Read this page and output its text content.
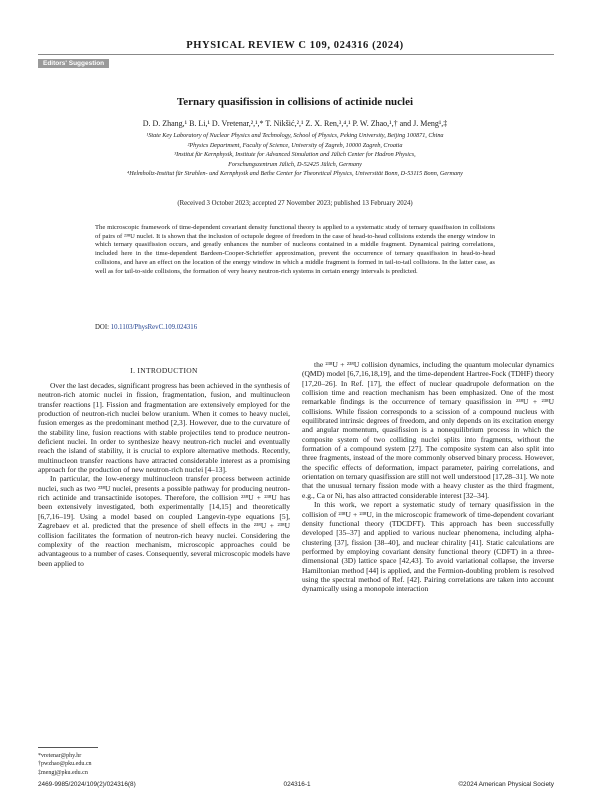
PHYSICAL REVIEW C 109, 024316 (2024)
Editors' Suggestion
Ternary quasifission in collisions of actinide nuclei
D. D. Zhang,¹ B. Li,¹ D. Vretenar,²,¹,* T. Nikšić,²,¹ Z. X. Ren,³,⁴,¹ P. W. Zhao,¹,† and J. Meng¹,‡
¹State Key Laboratory of Nuclear Physics and Technology, School of Physics, Peking University, Beijing 100871, China
²Physics Department, Faculty of Science, University of Zagreb, 10000 Zagreb, Croatia
³Institut für Kernphysik, Institute for Advanced Simulation and Jülich Center for Hadron Physics,
Forschungszentrum Jülich, D-52425 Jülich, Germany
⁴Helmholtz-Institut für Strahlen- und Kernphysik and Bethe Center for Theoretical Physics, Universität Bonn, D-53115 Bonn, Germany
(Received 3 October 2023; accepted 27 November 2023; published 13 February 2024)
The microscopic framework of time-dependent covariant density functional theory is applied to a systematic study of ternary quasifission in collisions of pairs of ²³⁸U nuclei. It is shown that the inclusion of octupole degree of freedom in the case of head-to-head collisions extends the energy window in which ternary quasifission occurs, and greatly enhances the number of nucleons contained in a middle fragment. Dynamical pairing correlations, included here in the time-dependent Bardeen-Cooper-Schrieffer approximation, prevent the occurrence of ternary quasifission in head-to-head collisions, and have an effect on the location of the energy window in which a middle fragment is formed in tail-to-tail collisions. In the latter case, as well as for tail-to-side collisions, the formation of very heavy neutron-rich systems in certain energy intervals is predicted.
DOI: 10.1103/PhysRevC.109.024316
I. INTRODUCTION

Over the last decades, significant progress has been achieved in the synthesis of neutron-rich atomic nuclei in fission, fragmentation, fusion, and multinucleon transfer reactions [1]. Fission and fragmentation are extensively employed for the production of neutron-rich nuclei below uranium. When it comes to heavy nuclei, fusion emerges as the predominant method [2,3]. However, due to the curvature of the stability line, fusion reactions with stable projectiles tend to produce neutron-deficient nuclei. In order to synthesize heavy neutron-rich nuclei and eventually reach the island of stability, it is crucial to explore alternative methods. Recently, multinucleon transfer reactions have attracted considerable interest as a promising approach for the production of new neutron-rich nuclei [4–13].

In particular, the low-energy multinucleon transfer process between actinide nuclei, such as two ²³⁸U nuclei, presents a possible pathway for producing neutron-rich actinide and transactinide isotopes. Therefore, the collision ²³⁸U + ²³⁸U has been extensively investigated, both experimentally [14,15] and theoretically [6,7,16–19]. Using a model based on coupled Langevin-type equations [5], Zagrebaev et al. predicted that the presence of shell effects in the ²³⁸U + ²³⁸U collision facilitates the formation of neutron-rich heavy nuclei. Considering the complexity of the reaction mechanism, microscopic approaches could be advantageous to a number of cases. Consequently, several microscopic models have been applied to

the ²³⁸U + ²³⁸U collision dynamics, including the quantum molecular dynamics (QMD) model [6,7,16,18,19], and the time-dependent Hartree-Fock (TDHF) theory [17,20–26]. In Ref. [17], the effect of nuclear quadrupole deformation on the collision time and reaction mechanism has been emphasized. One of the most remarkable findings is the occurrence of ternary quasifission in ²³⁸U + ²³⁸U collisions. While fission corresponds to a scission of a compound nucleus with equilibrated intrinsic degrees of freedom, and only depends on its excitation energy and angular momentum, quasifission is a nonequilibrium process in which the composite system of two colliding nuclei splits into fragments, without the formation of a compound system [27]. The composite system can also split into three fragments, instead of the more commonly observed binary process. However, the specific effects of deformation, impact parameter, pairing correlations, and orientation on ternary quasifission are still not well understood [17,28–31]. We note that the unusual ternary fission mode with a heavy cluster as the third fragment, e.g., Ca or Ni, has also attracted considerable interest [32–34].

In this work, we report a systematic study of ternary quasifission in the collision of ²³⁸U + ²³⁸U, in the microscopic framework of time-dependent covariant density functional theory (TDCDFT). This approach has been successfully developed [35–37] and applied to various nuclear phenomena, including alpha-clustering [37], fission [38–40], and nuclear chirality [41]. Static calculations are performed by employing covariant density functional theory (CDFT) in a three-dimensional (3D) lattice space [42,43]. To avoid variational collapse, the inverse Hamiltonian method [44] is applied, and the Fermion-doubling problem is resolved using the spectral method of Ref. [42]. Pairing correlations are taken into account dynamically using a monopole interaction

*vretenar@phy.hr
†pwzhao@pku.edu.cn
‡mengj@pku.edu.cn
2469-9985/2024/109(2)/024316(8)	024316-1	©2024 American Physical Society
